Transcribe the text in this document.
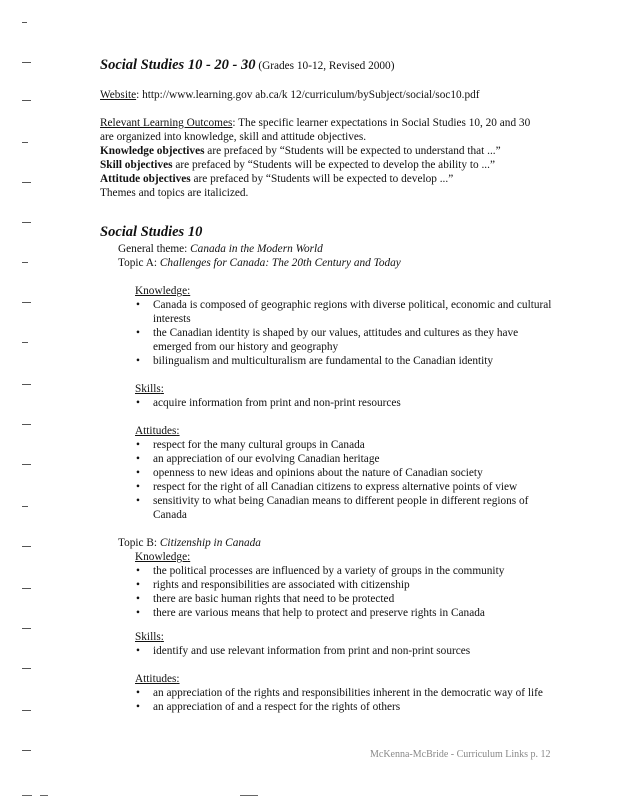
Social Studies 10 - 20 - 30 (Grades 10-12, Revised 2000)
Website: http://www.learning.gov ab.ca/k 12/curriculum/bySubject/social/soc10.pdf

Relevant Learning Outcomes: The specific learner expectations in Social Studies 10, 20 and 30 are organized into knowledge, skill and attitude objectives.

Knowledge objectives are prefaced by “Students will be expected to understand that ...”

Skill objectives are prefaced by “Students will be expected to develop the ability to ...”

Attitude objectives are prefaced by “Students will be expected to develop ...”

Themes and topics are italicized.

Social Studies 10
General theme: Canada in the Modern World
Topic A: Challenges for Canada: The 20th Century and Today
Knowledge:
• Canada is composed of geographic regions with diverse political, economic and cultural interests
• the Canadian identity is shaped by our values, attitudes and cultures as they have emerged from our history and geography
• bilingualism and multiculturalism are fundamental to the Canadian identity
Skills:
• acquire information from print and non-print resources
Attitudes:
• respect for the many cultural groups in Canada
• an appreciation of our evolving Canadian heritage
• openness to new ideas and opinions about the nature of Canadian society
• respect for the right of all Canadian citizens to express alternative points of view
• sensitivity to what being Canadian means to different people in different regions of Canada
Topic B: Citizenship in Canada
Knowledge:
• the political processes are influenced by a variety of groups in the community
• rights and responsibilities are associated with citizenship
• there are basic human rights that need to be protected
• there are various means that help to protect and preserve rights in Canada
Skills:
• identify and use relevant information from print and non-print sources
Attitudes:
• an appreciation of the rights and responsibilities inherent in the democratic way of life
• an appreciation of and a respect for the rights of others
McKenna-McBride - Curriculum Links p. 12
